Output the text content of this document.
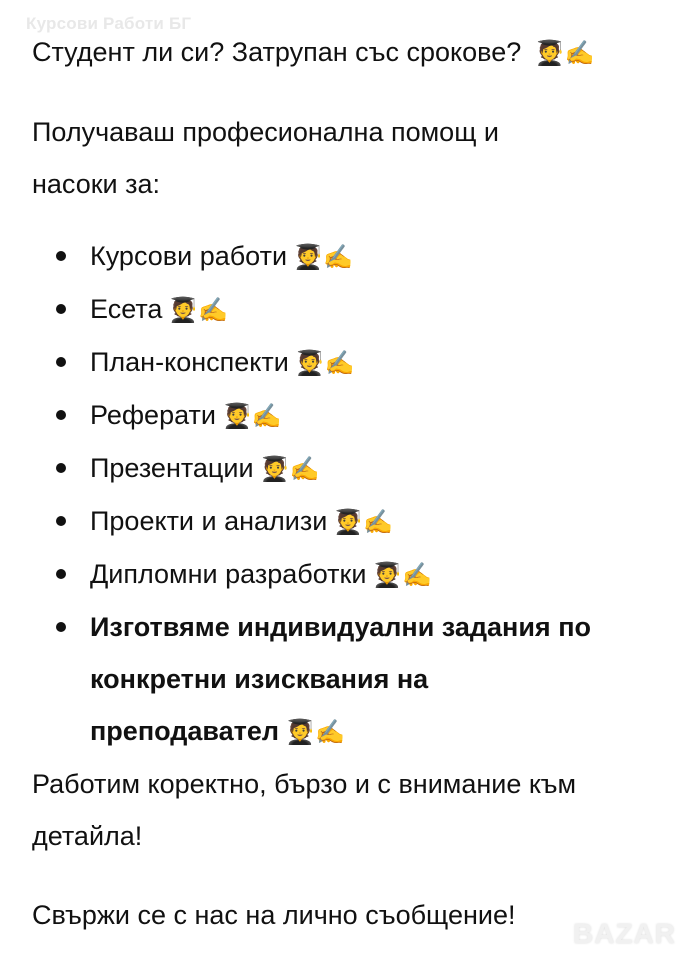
Курсови Работи БГ

Студент ли си? Затрупан със срокове? 🧑‍🎓✍️

Получаваш професионална помощ и

насоки за:

Курсови работи 🧑‍🎓✍️
Есета 🧑‍🎓✍️
План-конспекти 🧑‍🎓✍️
Реферати 🧑‍🎓✍️
Презентации 🧑‍🎓✍️
Проекти и анализи 🧑‍🎓✍️
Дипломни разработки 🧑‍🎓✍️
Изготвяме индивидуални задания по
конкретни изисквания на
преподавател 🧑‍🎓✍️

Работим коректно, бързо и с внимание към

детайла!

Свържи се с нас на лично съобщение!

BAZAR
